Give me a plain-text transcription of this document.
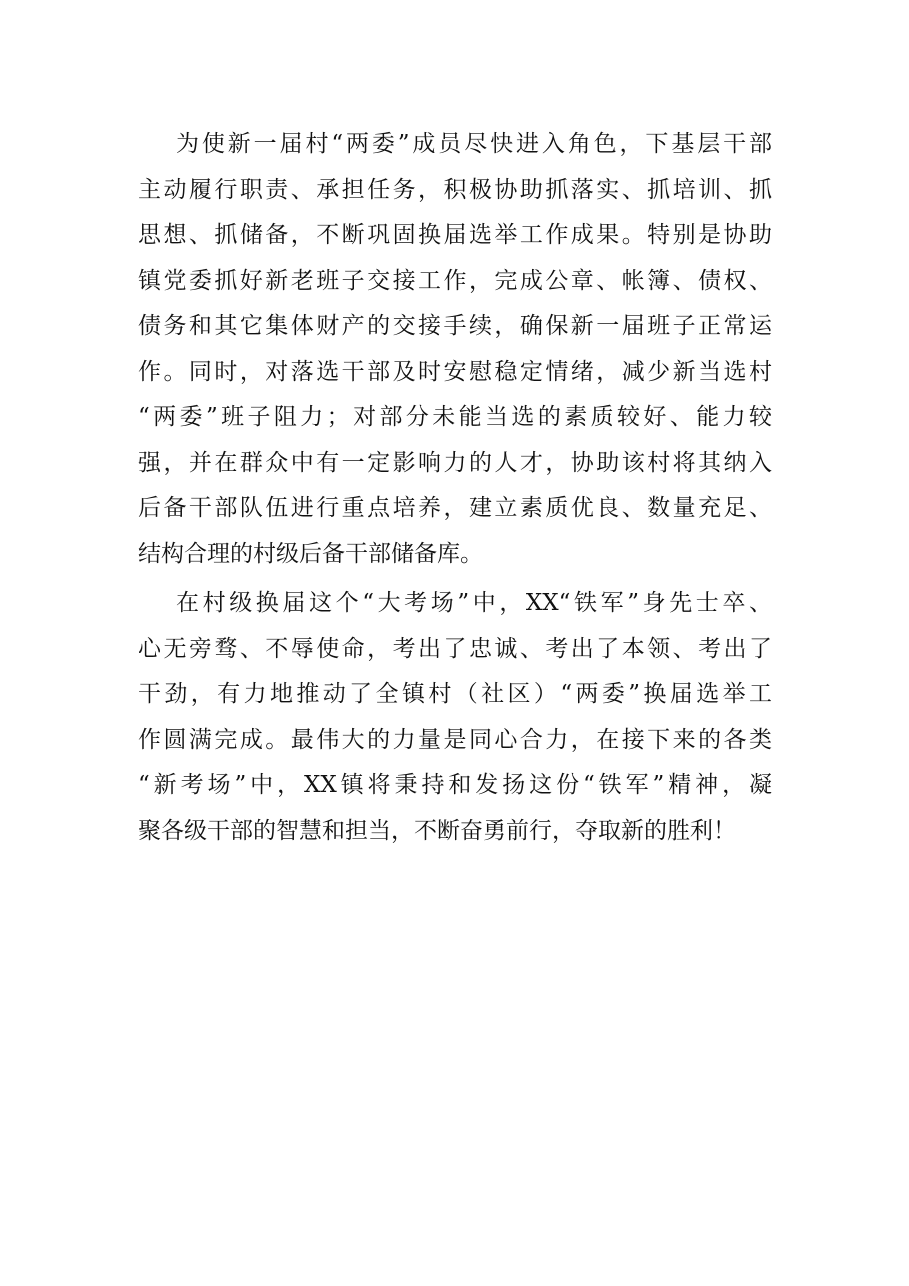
为使新一届村“两委”成员尽快进入角色，下基层干部
主动履行职责、承担任务，积极协助抓落实、抓培训、抓
思想、抓储备，不断巩固换届选举工作成果。特别是协助
镇党委抓好新老班子交接工作，完成公章、帐簿、债权、
债务和其它集体财产的交接手续，确保新一届班子正常运
作。同时，对落选干部及时安慰稳定情绪，减少新当选村
“两委”班子阻力；对部分未能当选的素质较好、能力较
强，并在群众中有一定影响力的人才，协助该村将其纳入
后备干部队伍进行重点培养，建立素质优良、数量充足、
结构合理的村级后备干部储备库。
在村级换届这个“大考场”中，XX“铁军”身先士卒、
心无旁骛、不辱使命，考出了忠诚、考出了本领、考出了
干劲，有力地推动了全镇村（社区）“两委”换届选举工
作圆满完成。最伟大的力量是同心合力，在接下来的各类
“新考场”中，XX镇将秉持和发扬这份“铁军”精神，凝
聚各级干部的智慧和担当，不断奋勇前行，夺取新的胜利！
